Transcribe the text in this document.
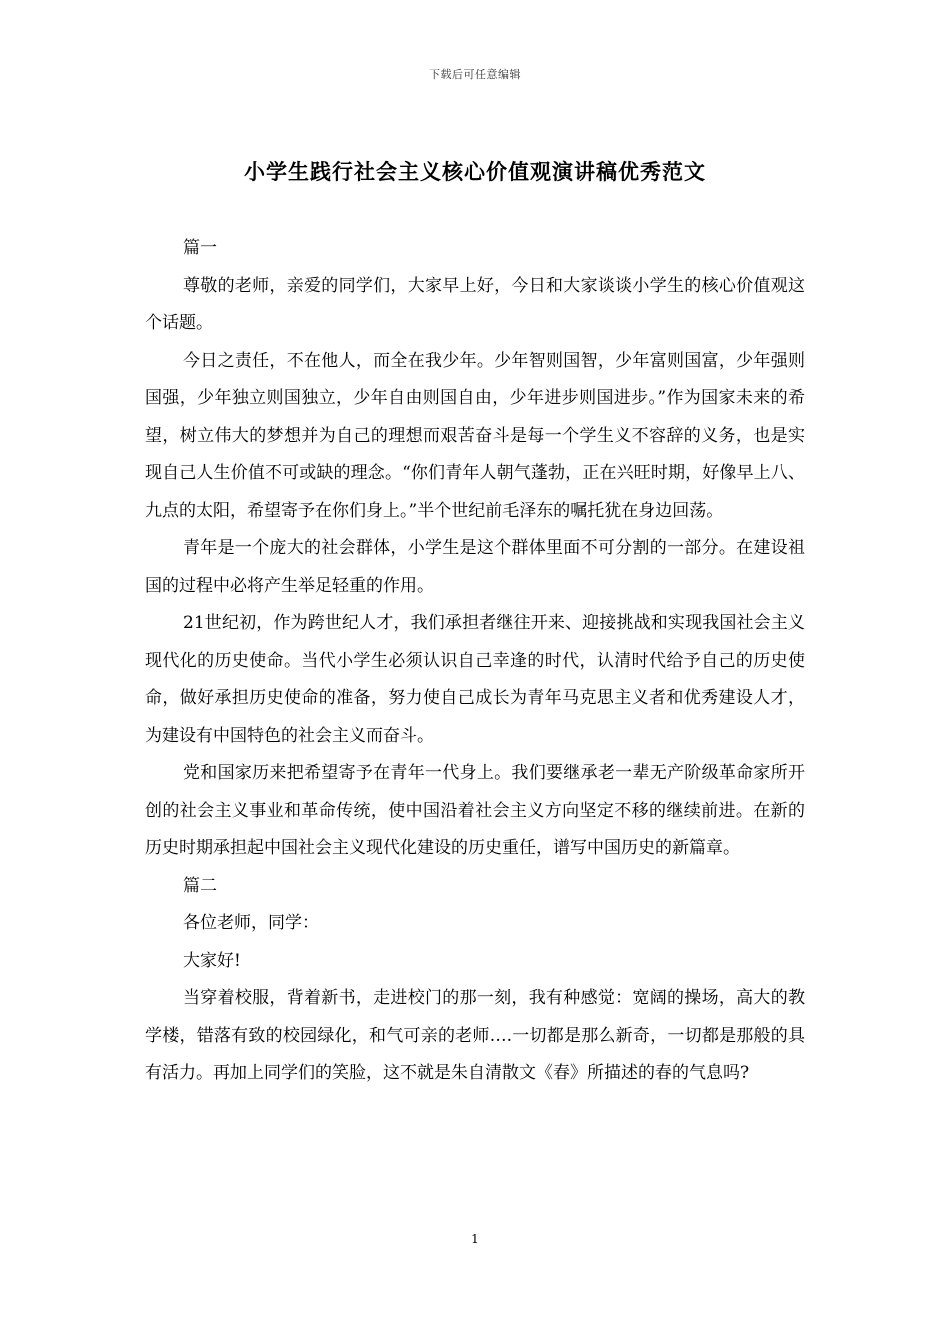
下载后可任意编辑
小学生践行社会主义核心价值观演讲稿优秀范文

篇一

尊敬的老师，亲爱的同学们，大家早上好，今日和大家谈谈小学生的核心价值观这个话题。

今日之责任，不在他人，而全在我少年。少年智则国智，少年富则国富，少年强则国强，少年独立则国独立，少年自由则国自由，少年进步则国进步。”作为国家未来的希望，树立伟大的梦想并为自己的理想而艰苦奋斗是每一个学生义不容辞的义务，也是实现自己人生价值不可或缺的理念。“你们青年人朝气蓬勃，正在兴旺时期，好像早上八、九点的太阳，希望寄予在你们身上。”半个世纪前毛泽东的嘱托犹在身边回荡。

青年是一个庞大的社会群体，小学生是这个群体里面不可分割的一部分。在建设祖国的过程中必将产生举足轻重的作用。

21世纪初，作为跨世纪人才，我们承担者继往开来、迎接挑战和实现我国社会主义现代化的历史使命。当代小学生必须认识自己幸逢的时代，认清时代给予自己的历史使命，做好承担历史使命的准备，努力使自己成长为青年马克思主义者和优秀建设人才，为建设有中国特色的社会主义而奋斗。

党和国家历来把希望寄予在青年一代身上。我们要继承老一辈无产阶级革命家所开创的社会主义事业和革命传统，使中国沿着社会主义方向坚定不移的继续前进。在新的历史时期承担起中国社会主义现代化建设的历史重任，谱写中国历史的新篇章。

篇二

各位老师，同学：

大家好!

当穿着校服，背着新书，走进校门的那一刻，我有种感觉：宽阔的操场，高大的教学楼，错落有致的校园绿化，和气可亲的老师….一切都是那么新奇，一切都是那般的具有活力。再加上同学们的笑脸，这不就是朱自清散文《春》所描述的春的气息吗?

1
